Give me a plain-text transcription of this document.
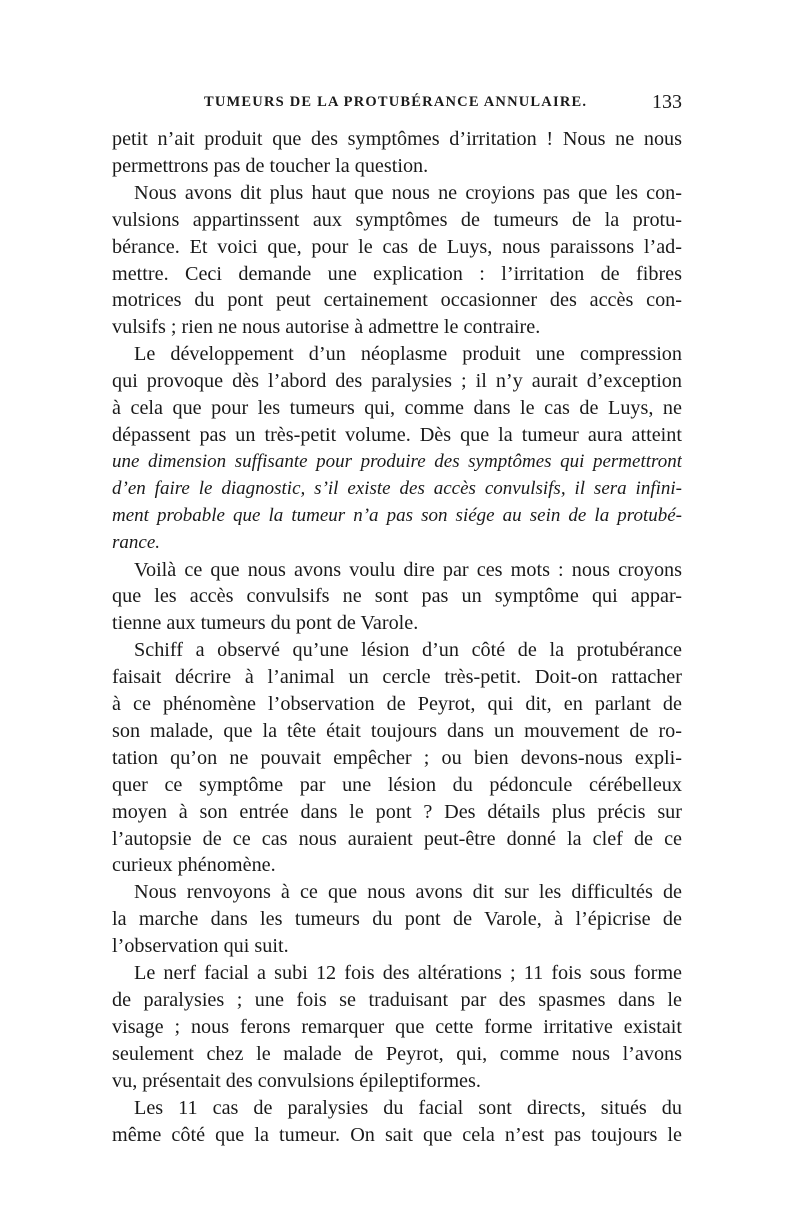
TUMEURS DE LA PROTUBÉRANCE ANNULAIRE.	133
petit n’ait produit que des symptômes d’irritation ! Nous ne nous
permettrons pas de toucher la question.
Nous avons dit plus haut que nous ne croyions pas que les con-
vulsions appartinssent aux symptômes de tumeurs de la protu-
bérance. Et voici que, pour le cas de Luys, nous paraissons l’ad-
mettre. Ceci demande une explication : l’irritation de fibres
motrices du pont peut certainement occasionner des accès con-
vulsifs ; rien ne nous autorise à admettre le contraire.
Le développement d’un néoplasme produit une compression
qui provoque dès l’abord des paralysies ; il n’y aurait d’exception
à cela que pour les tumeurs qui, comme dans le cas de Luys, ne
dépassent pas un très-petit volume. Dès que la tumeur aura atteint
une dimension suffisante pour produire des symptômes qui permettront
d’en faire le diagnostic, s’il existe des accès convulsifs, il sera infini-
ment probable que la tumeur n’a pas son siége au sein de la protubé-
rance.
Voilà ce que nous avons voulu dire par ces mots : nous croyons
que les accès convulsifs ne sont pas un symptôme qui appar-
tienne aux tumeurs du pont de Varole.
Schiff a observé qu’une lésion d’un côté de la protubérance
faisait décrire à l’animal un cercle très-petit. Doit-on rattacher
à ce phénomène l’observation de Peyrot, qui dit, en parlant de
son malade, que la tête était toujours dans un mouvement de ro-
tation qu’on ne pouvait empêcher ; ou bien devons-nous expli-
quer ce symptôme par une lésion du pédoncule cérébelleux
moyen à son entrée dans le pont ? Des détails plus précis sur
l’autopsie de ce cas nous auraient peut-être donné la clef de ce
curieux phénomène.
Nous renvoyons à ce que nous avons dit sur les difficultés de
la marche dans les tumeurs du pont de Varole, à l’épicrise de
l’observation qui suit.
Le nerf facial a subi 12 fois des altérations ; 11 fois sous forme
de paralysies ; une fois se traduisant par des spasmes dans le
visage ; nous ferons remarquer que cette forme irritative existait
seulement chez le malade de Peyrot, qui, comme nous l’avons
vu, présentait des convulsions épileptiformes.
Les 11 cas de paralysies du facial sont directs, situés du
même côté que la tumeur. On sait que cela n’est pas toujours le
